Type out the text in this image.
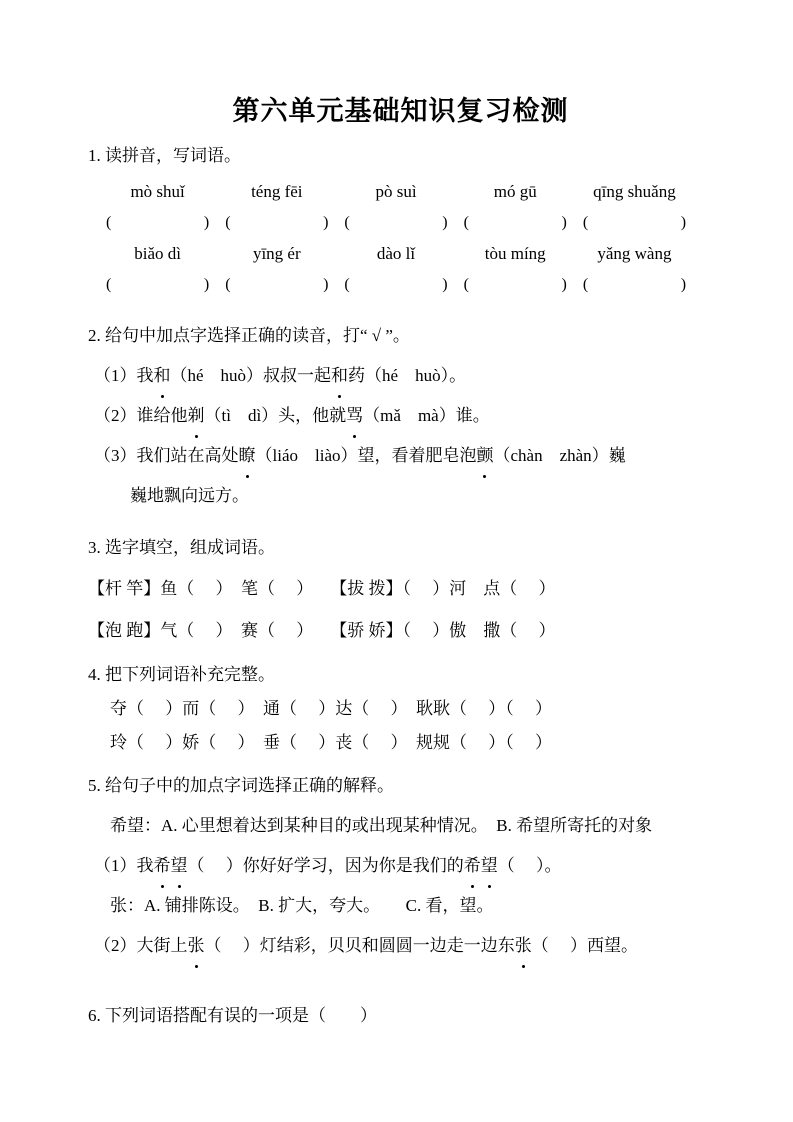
第六单元基础知识复习检测
1. 读拼音，写词语。
mò shuǐ	téng fēi	pò suì	mó gū	qīng shuǎng
(	) (	) (	) (	) (	)
biǎo dì	yīng ér	dào lǐ	tòu míng	yǎng wàng
(	) (	) (	) (	) (	)
2. 给句中加点字选择正确的读音，打“ √ ”。
（1）我和（hé　huò）叔叔一起和药（hé　huò）。
（2）谁给他剃（tì　dì）头，他就骂（mǎ　mà）谁。
（3）我们站在高处瞭（liáo　liào）望，看着肥皂泡颤（chàn　zhàn）巍
巍地飘向远方。
3. 选字填空，组成词语。
【杆 竿】鱼（　 ）　笔（　 ）　　【拔 拨】（　 ）河　点（　 ）
【泡 跑】气（　 ）　赛（　 ）　　【骄 娇】（　 ）傲　撒（　 ）
4. 把下列词语补充完整。
夺（　 ）而（　 ）　通（　 ）达（　 ）　耿耿（　 ）（　 ）
玲（　 ）娇（　 ）　垂（　 ）丧（　 ）　规规（　 ）（　 ）
5. 给句子中的加点字词选择正确的解释。
希望：A. 心里想着达到某种目的或出现某种情况。　B. 希望所寄托的对象
（1）我希望（　 ）你好好学习，因为你是我们的希望（　 ）。
张：A. 铺排陈设。　B. 扩大，夸大。　　C. 看，望。
（2）大街上张（　 ）灯结彩，贝贝和圆圆一边走一边东张（　 ）西望。
6. 下列词语搭配有误的一项是（　　）
